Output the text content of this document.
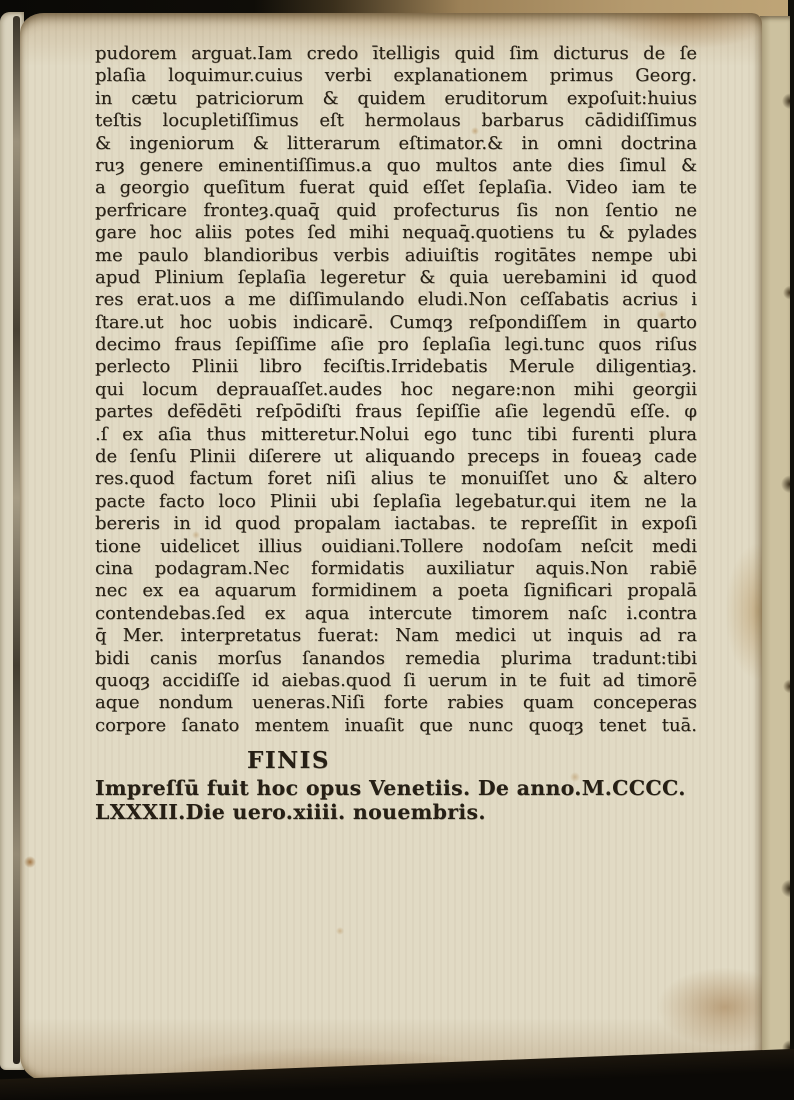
pudorem arguat.Iam credo ītelligis quid ſim dicturus de ſe
plaſia loquimur.cuius verbi explanationem primus Georg.
in cætu patriciorum & quidem eruditorum expoſuit:huius
teſtis locupletiſſimus eſt hermolaus barbarus cādidiſſimus
& ingeniorum & litterarum eſtimator.& in omni doctrina
ruȝ genere eminentiſſimus.a quo multos ante dies ſimul &
a georgio queſitum fuerat quid eſſet ſeplaſia. Video iam te
perfricare fronteȝ.quaq̄ quid profecturus ſis non ſentio ne
gare hoc aliis potes ſed mihi nequaq̄.quotiens tu & pylades
me paulo blandioribus verbis adiuiſtis rogitātes nempe ubi
apud Plinium ſeplaſia legeretur & quia uerebamini id quod
res erat.uos a me diſſimulando eludi.Non ceſſabatis acrius i
ſtare.ut hoc uobis indicarē. Cumqȝ reſpondiſſem in quarto
decimo fraus ſepiſſime aſie pro ſeplaſia legi.tunc quos riſus
perlecto Plinii libro feciſtis.Irridebatis Merule diligentiaȝ.
qui locum deprauaſſet.audes hoc negare:non mihi georgii
partes defēdēti reſpōdiſti fraus ſepiſſie aſie legendū eſſe. φ
.ſ ex aſia thus mitteretur.Nolui ego tunc tibi furenti plura
de ſenſu Plinii diſerere ut aliquando preceps in foueaȝ cade
res.quod factum foret niſi alius te monuiſſet uno & altero
pacte facto loco Plinii ubi ſeplaſia legebatur.qui item ne la
bereris in id quod propalam iactabas. te repreſſit in expoſi
tione uidelicet illius ouidiani.Tollere nodoſam neſcit medi
cina podagram.Nec formidatis auxiliatur aquis.Non rabiē
nec ex ea aquarum formidinem a poeta ſignificari propalā
contendebas.ſed ex aqua intercute timorem naſc i.contra
q̄ Mer. interpretatus fuerat: Nam medici ut inquis ad ra
bidi canis morſus ſanandos remedia plurima tradunt:tibi
quoqȝ accidiſſe id aiebas.quod ſi uerum in te fuit ad timorē
aque nondum ueneras.Niſi forte rabies quam conceperas
corpore ſanato mentem inuaſit que nunc quoqȝ tenet tuā.
FINIS
Impreſſū fuit hoc opus Venetiis. De anno.M.CCCC.
LXXXII.Die uero.xiiii. nouembris.
